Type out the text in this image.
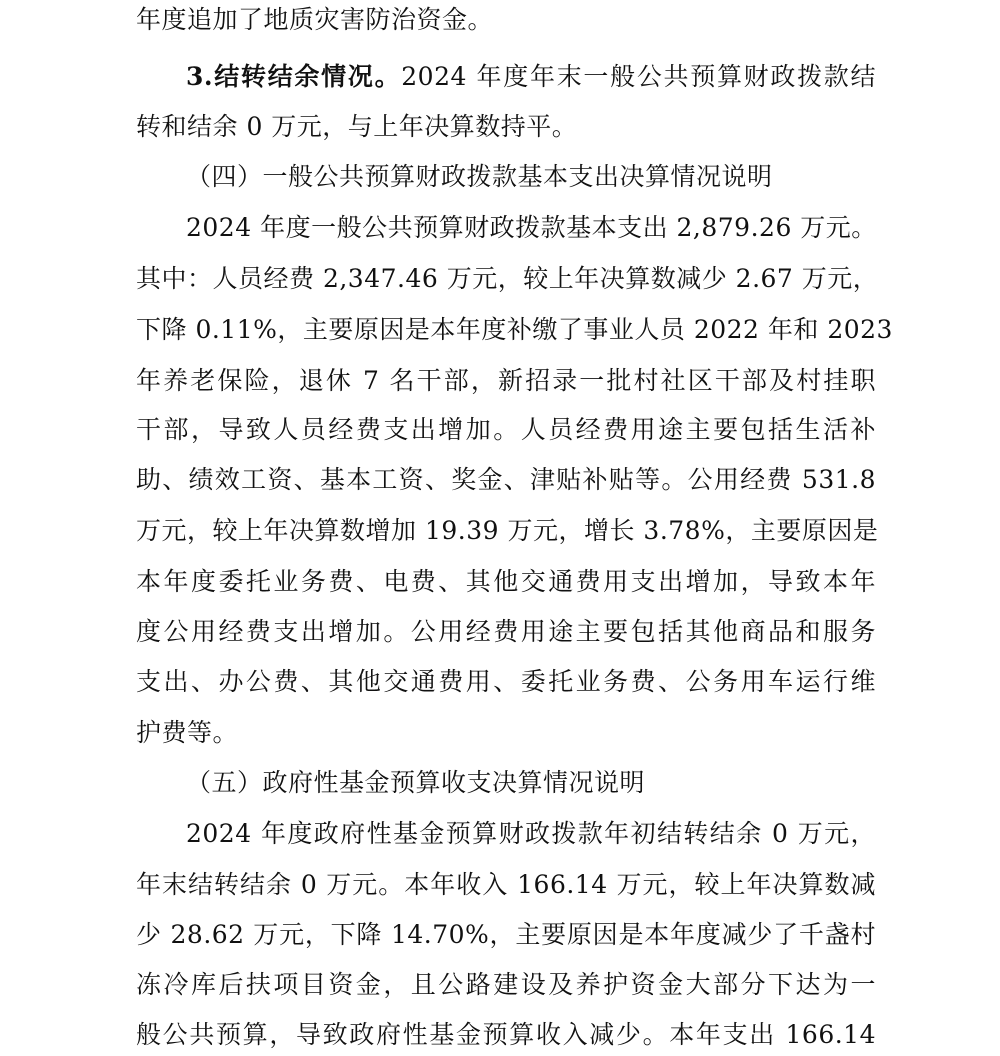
年度追加了地质灾害防治资金。
3.结转结余情况。2024 年度年末一般公共预算财政拨款结
转和结余 0 万元，与上年决算数持平。
（四）一般公共预算财政拨款基本支出决算情况说明
2024 年度一般公共预算财政拨款基本支出 2,879.26 万元。
其中：人员经费 2,347.46 万元，较上年决算数减少 2.67 万元，
下降 0.11%，主要原因是本年度补缴了事业人员 2022 年和 2023
年养老保险，退休 7 名干部，新招录一批村社区干部及村挂职
干部，导致人员经费支出增加。人员经费用途主要包括生活补
助、绩效工资、基本工资、奖金、津贴补贴等。公用经费 531.8
万元，较上年决算数增加 19.39 万元，增长 3.78%，主要原因是
本年度委托业务费、电费、其他交通费用支出增加，导致本年
度公用经费支出增加。公用经费用途主要包括其他商品和服务
支出、办公费、其他交通费用、委托业务费、公务用车运行维
护费等。
（五）政府性基金预算收支决算情况说明
2024 年度政府性基金预算财政拨款年初结转结余 0 万元，
年末结转结余 0 万元。本年收入 166.14 万元，较上年决算数减
少 28.62 万元，下降 14.70%，主要原因是本年度减少了千盏村
冻冷库后扶项目资金，且公路建设及养护资金大部分下达为一
般公共预算，导致政府性基金预算收入减少。本年支出 166.14
